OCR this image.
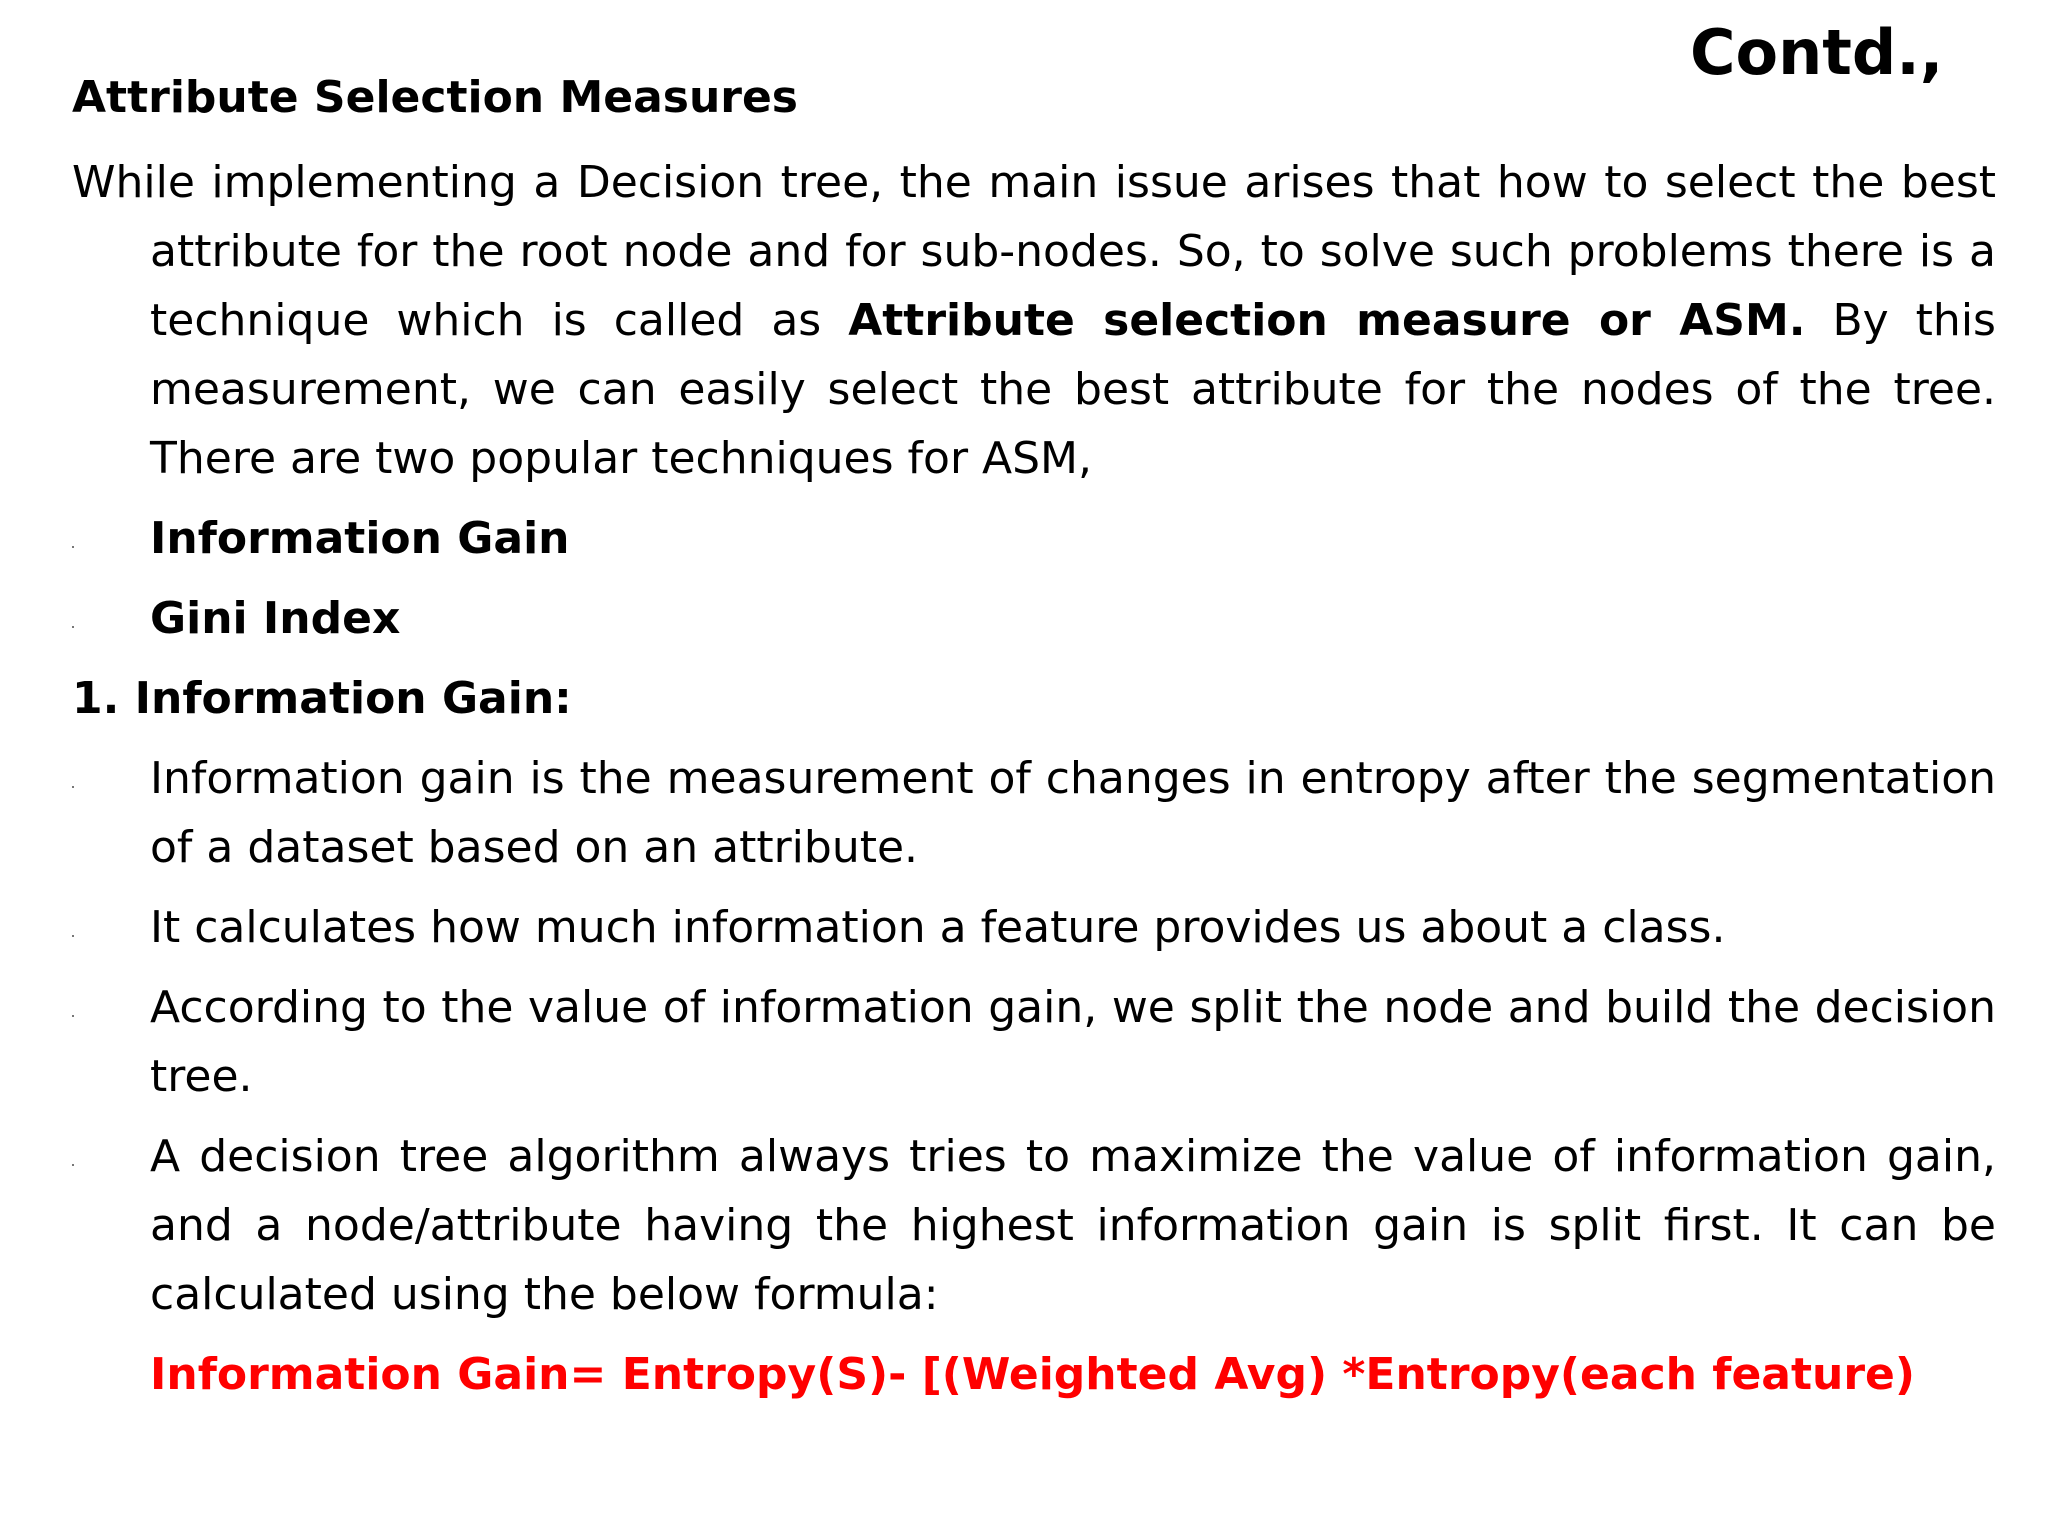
Contd.,
Attribute Selection Measures

While implementing a Decision tree, the main issue arises that how to select the best attribute for the root node and for sub-nodes. So, to solve such problems there is a technique which is called as Attribute selection measure or ASM. By this measurement, we can easily select the best attribute for the nodes of the tree. There are two popular techniques for ASM,

Information Gain
Gini Index

1. Information Gain:

Information gain is the measurement of changes in entropy after the segmentation of a dataset based on an attribute.
It calculates how much information a feature provides us about a class.
According to the value of information gain, we split the node and build the decision tree.
A decision tree algorithm always tries to maximize the value of information gain, and a node/attribute having the highest information gain is split first. It can be calculated using the below formula:
Information Gain= Entropy(S)- [(Weighted Avg) *Entropy(each feature)
